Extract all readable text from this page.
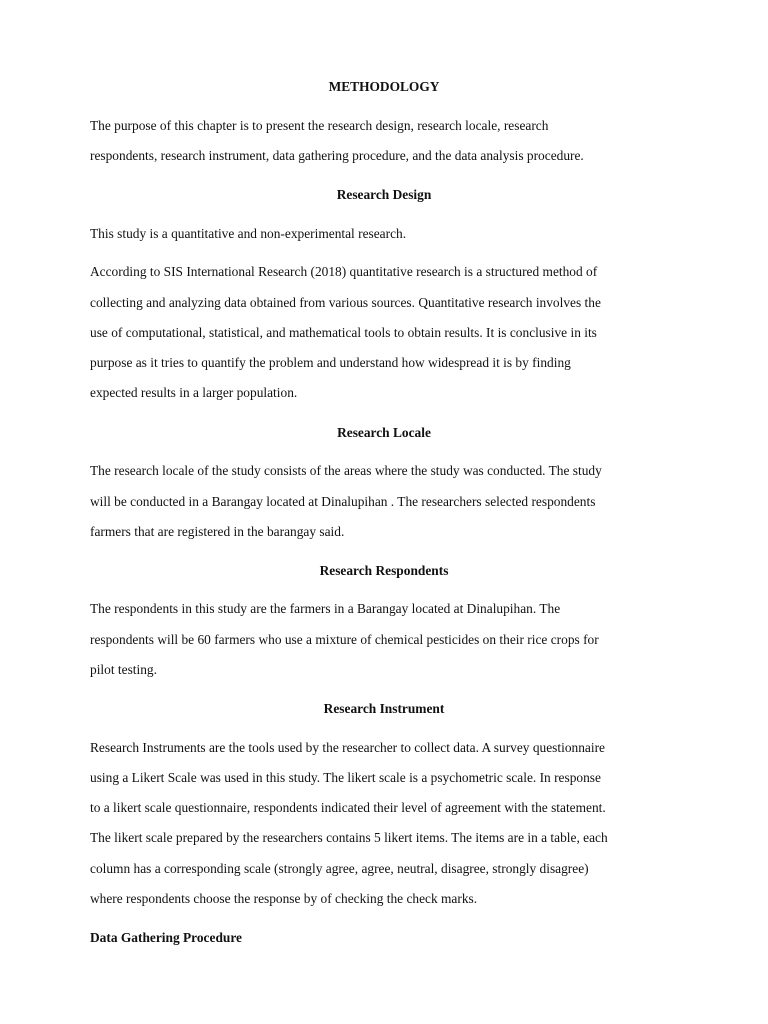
METHODOLOGY
The purpose of this chapter is to present the research design, research locale, research
respondents, research instrument, data gathering procedure, and the data analysis procedure.
Research Design
This study is a quantitative and non-experimental research.
According to SIS International Research (2018) quantitative research is a structured method of
collecting and analyzing data obtained from various sources. Quantitative research involves the
use of computational, statistical, and mathematical tools to obtain results. It is conclusive in its
purpose as it tries to quantify the problem and understand how widespread it is by finding
expected results in a larger population.
Research Locale
The research locale of the study consists of the areas where the study was conducted. The study
will be conducted in a Barangay located at Dinalupihan . The researchers selected respondents
farmers that are registered in the barangay said.
Research Respondents
The respondents in this study are the farmers in a Barangay located at Dinalupihan. The
respondents will be 60 farmers who use a mixture of chemical pesticides on their rice crops for
pilot testing.
Research Instrument
Research Instruments are the tools used by the researcher to collect data. A survey questionnaire
using a Likert Scale was used in this study. The likert scale is a psychometric scale. In response
to a likert scale questionnaire, respondents indicated their level of agreement with the statement.
The likert scale prepared by the researchers contains 5 likert items. The items are in a table, each
column has a corresponding scale (strongly agree, agree, neutral, disagree, strongly disagree)
where respondents choose the response by of checking the check marks.
Data Gathering Procedure
